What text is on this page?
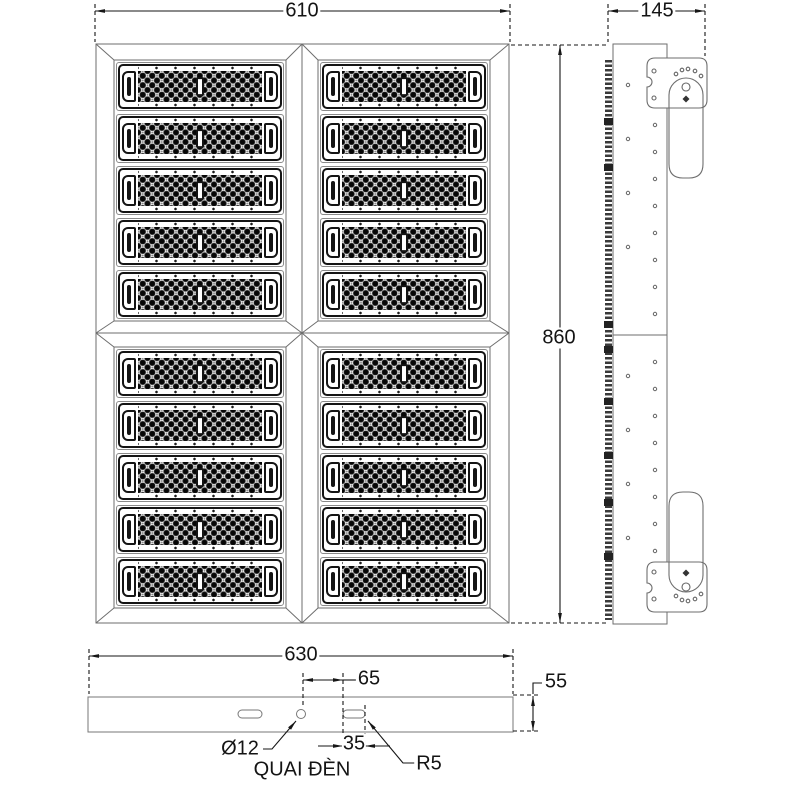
610	145
860
630
65	55
Ø12	35
R5
QUAI ĐÈN
